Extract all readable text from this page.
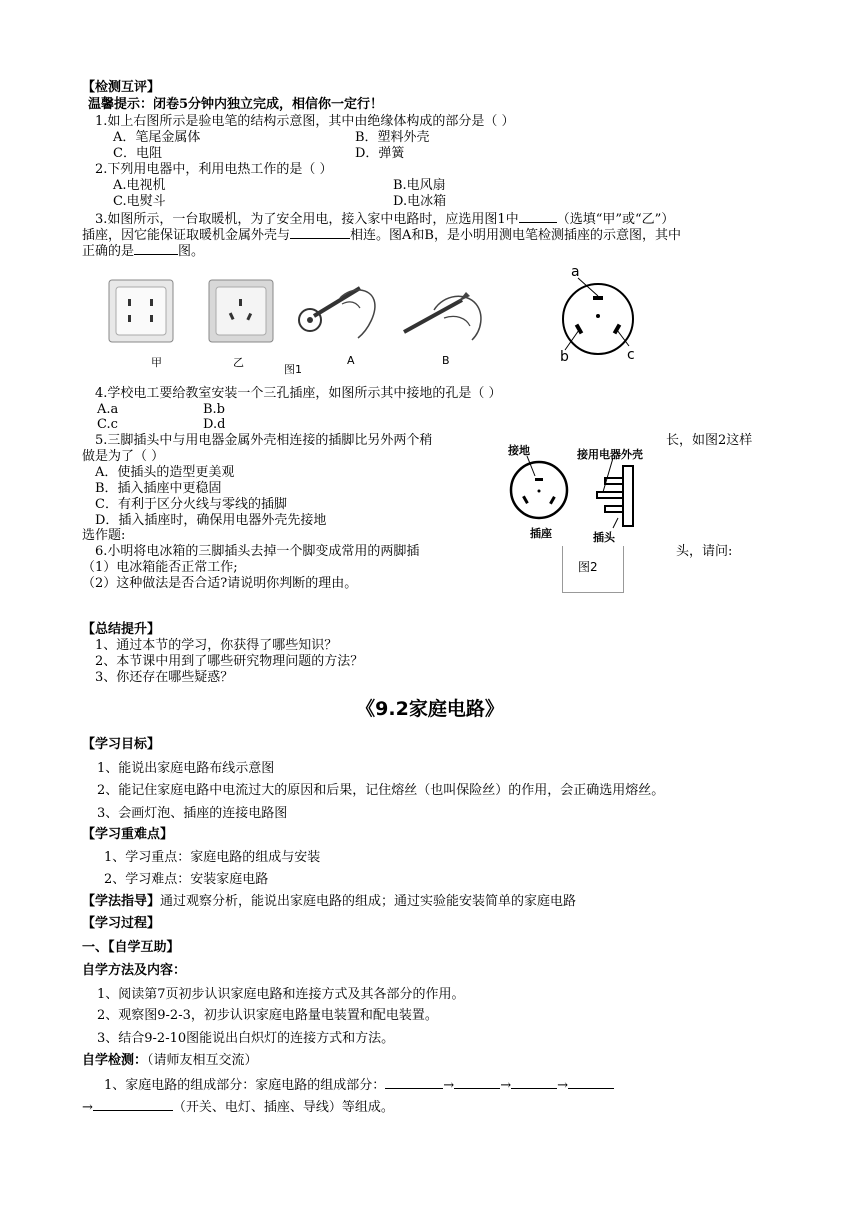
【检测互评】
温馨提示：闭卷5分钟内独立完成，相信你一定行！
1.如上右图所示是验电笔的结构示意图，其中由绝缘体构成的部分是（ ）
A．笔尾金属体	B．塑料外壳
C．电阻	D．弹簧
2.下列用电器中，利用电热工作的是（ ）
A.电视机	B.电风扇
C.电熨斗	D.电冰箱
3.如图所示，一台取暖机，为了安全用电，接入家中电路时，应选用图1中	（选填“甲”或“乙”）
插座，因它能保证取暖机金属外壳与	相连。图A和B，是小明用测电笔检测插座的示意图，其中
正确的是	图。
甲	乙
图1
A	B
a
b	c
4.学校电工要给教室安装一个三孔插座，如图所示其中接地的孔是（ ）
A.a	B.b
C.c	D.d
5.三脚插头中与用电器金属外壳相连接的插脚比另外两个稍	长，如图2这样
做是为了（ ）
A．使插头的造型更美观
B．插入插座中更稳固
C．有利于区分火线与零线的插脚
D．插入插座时，确保用电器外壳先接地
接地	接用电器外壳
插座	插头
图2
选作题:
6.小明将电冰箱的三脚插头去掉一个脚变成常用的两脚插	头，请问:
（1）电冰箱能否正常工作;
（2）这种做法是否合适?请说明你判断的理由。
【总结提升】
1、通过本节的学习，你获得了哪些知识？
2、本节课中用到了哪些研究物理问题的方法？
3、你还存在哪些疑惑？
《9.2家庭电路》
【学习目标】
1、能说出家庭电路布线示意图
2、能记住家庭电路中电流过大的原因和后果，记住熔丝（也叫保险丝）的作用，会正确选用熔丝。
3、会画灯泡、插座的连接电路图
【学习重难点】
1、学习重点：家庭电路的组成与安装
2、学习难点：安装家庭电路
【学法指导】通过观察分析，能说出家庭电路的组成；通过实验能安装简单的家庭电路
【学习过程】
一、【自学互助】
自学方法及内容：
1、阅读第7页初步认识家庭电路和连接方式及其各部分的作用。
2、观察图9-2-3，初步认识家庭电路量电装置和配电装置。
3、结合9-2-10图能说出白炽灯的连接方式和方法。
自学检测：（请师友相互交流）
1、家庭电路的组成部分：家庭电路的组成部分：	→	→	→
→	（开关、电灯、插座、导线）等组成。
